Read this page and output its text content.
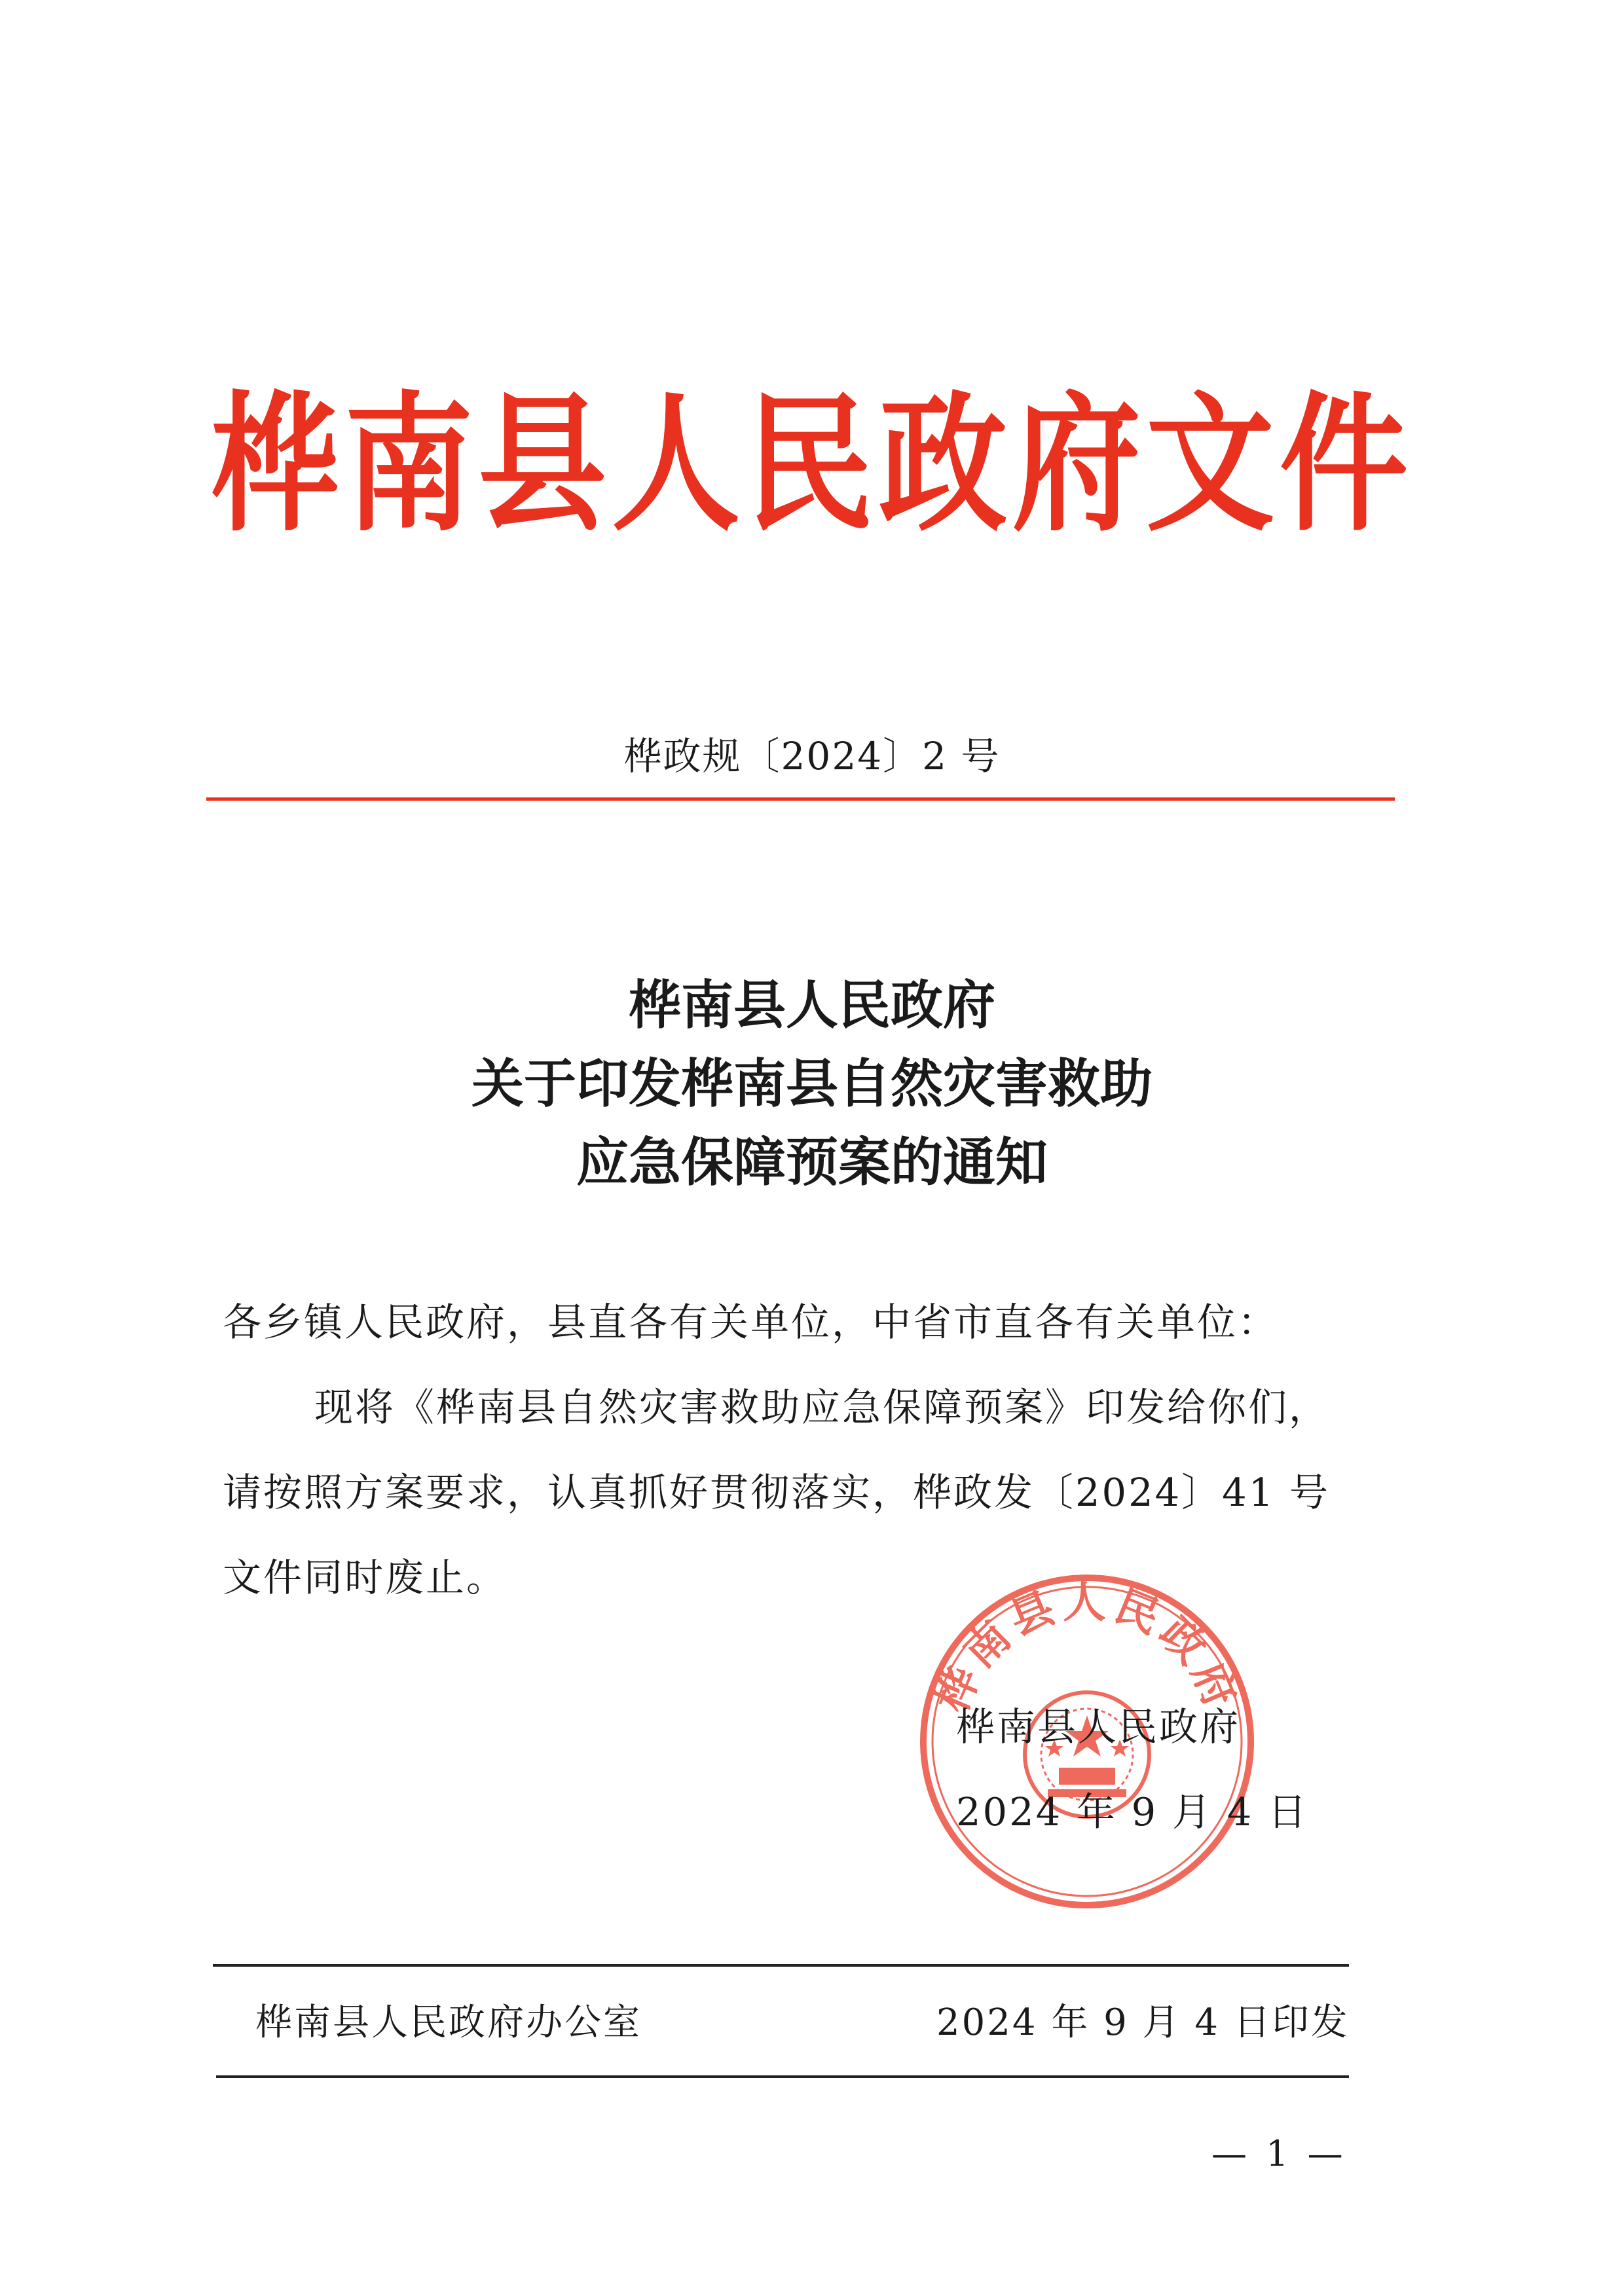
桦南县人民政府文件
桦政规〔2024〕2 号
桦南县人民政府
关于印发桦南县自然灾害救助
应急保障预案的通知
各乡镇人民政府，县直各有关单位，中省市直各有关单位：
现将《桦南县自然灾害救助应急保障预案》印发给你们，
请按照方案要求，认真抓好贯彻落实，桦政发〔2024〕41 号
文件同时废止。
桦南县人民政府
桦南县人民政府
2024 年 9 月 4 日
桦南县人民政府办公室	2024 年 9 月 4 日印发
— 1 —
